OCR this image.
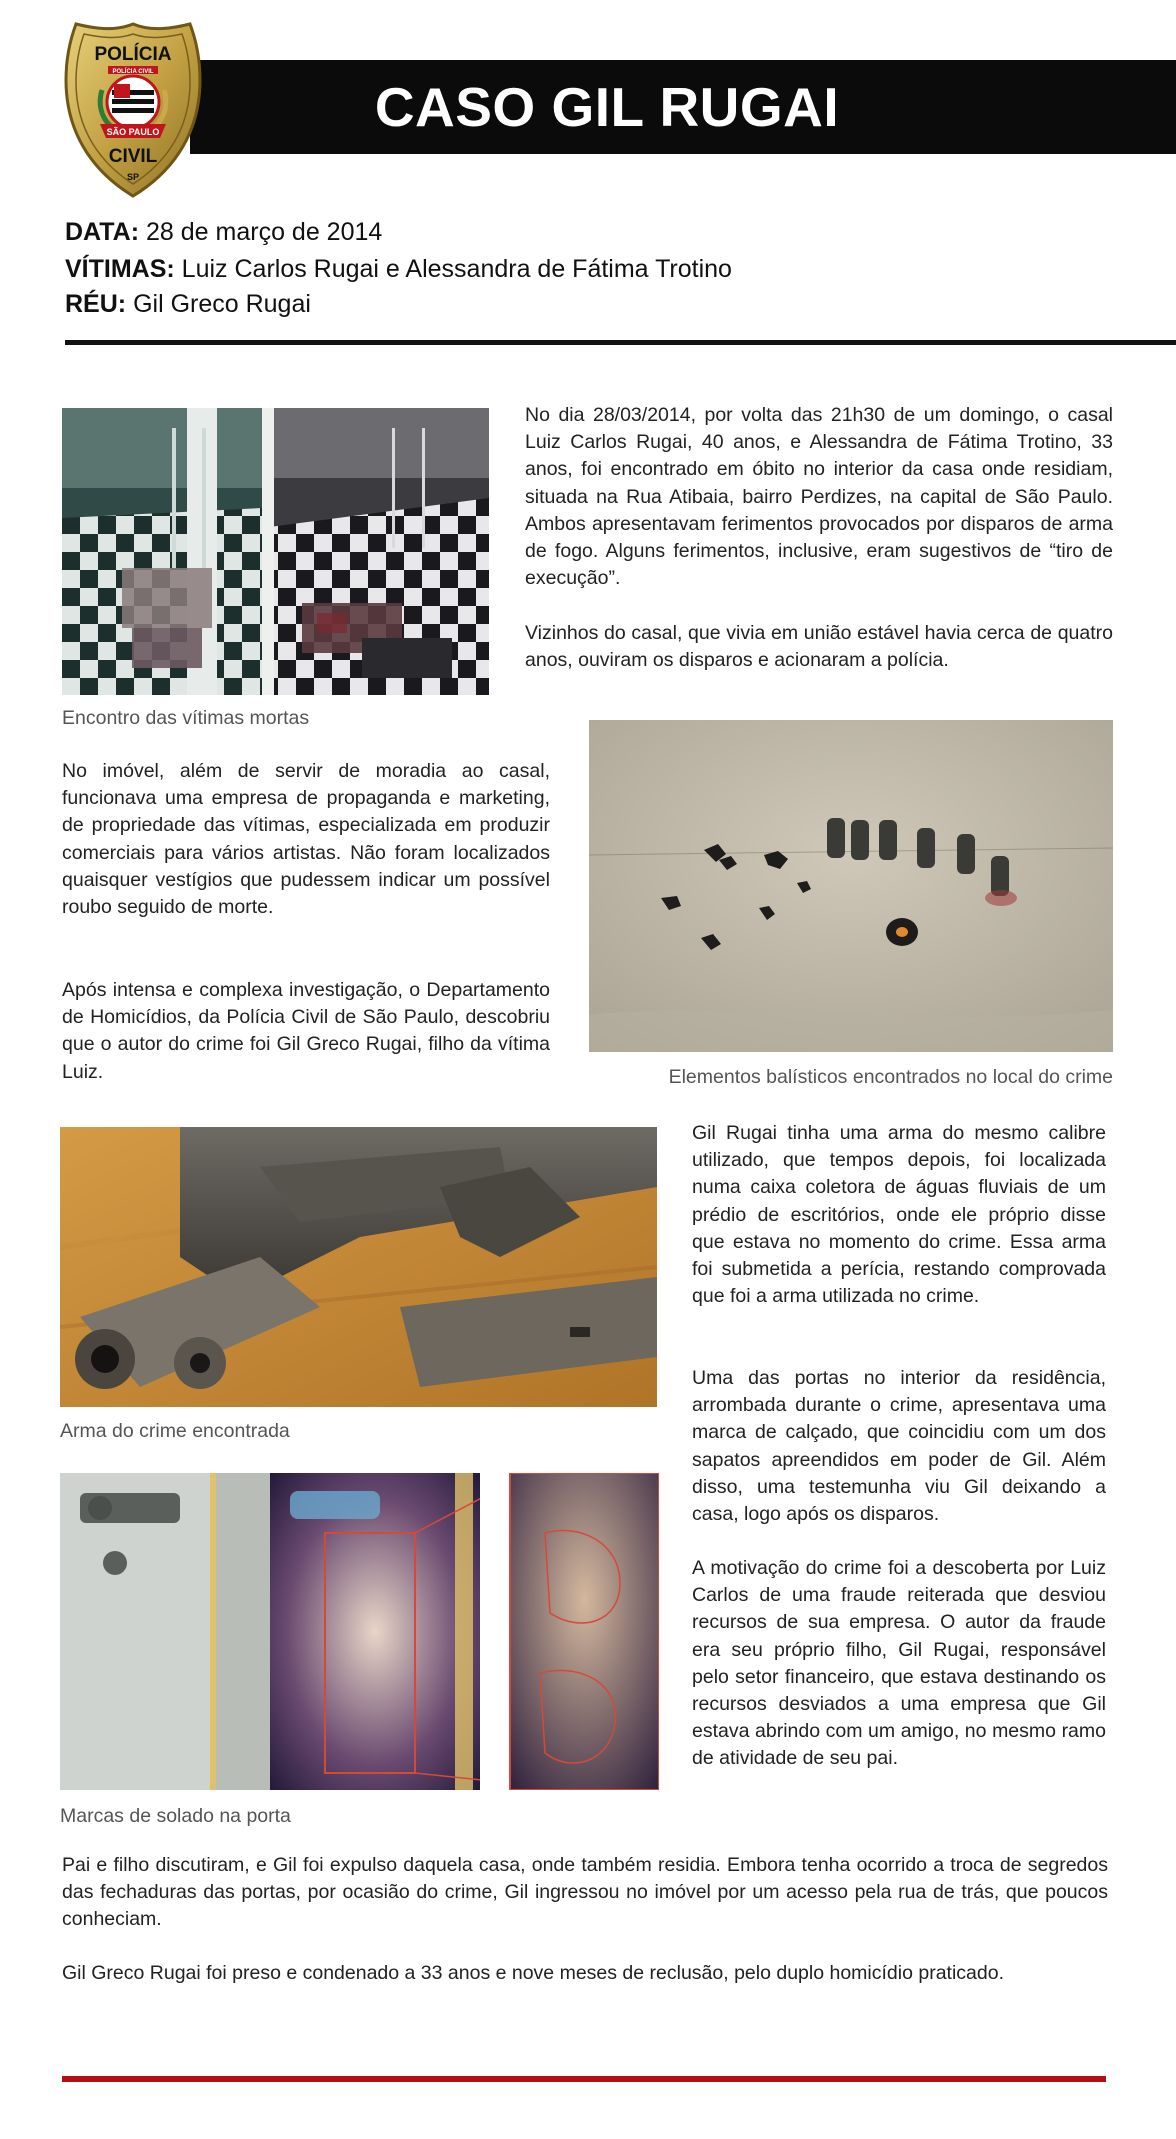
CASO GIL RUGAI
POLÍCIA
POLÍCIA CIVIL
SÃO PAULO
CIVIL
SP
DATA: 28 de março de 2014
VÍTIMAS: Luiz Carlos Rugai e Alessandra de Fátima Trotino
RÉU: Gil Greco Rugai
No dia 28/03/2014, por volta das 21h30 de um domingo, o casal Luiz Carlos Rugai, 40 anos, e Alessandra de Fátima Trotino, 33 anos, foi encontrado em óbito no interior da casa onde residiam, situada na Rua Atibaia, bairro Perdizes, na capital de São Paulo. Ambos apresentavam ferimentos provocados por disparos de arma de fogo. Alguns ferimentos, inclusive, eram sugestivos de “tiro de execução”.
Vizinhos do casal, que vivia em união estável havia cerca de quatro anos, ouviram os disparos e acionaram a polícia.
Encontro das vítimas mortas
No imóvel, além de servir de moradia ao casal, funcionava uma empresa de propaganda e marketing, de propriedade das vítimas, especializada em produzir comerciais para vários artistas. Não foram localizados quaisquer vestígios que pudessem indicar um possível roubo seguido de morte.
Após intensa e complexa investigação, o Departamento de Homicídios, da Polícia Civil de São Paulo, descobriu que o autor do crime foi Gil Greco Rugai, filho da vítima Luiz.	Elementos balísticos encontrados no local do crime
Arma do crime encontrada
Marcas de solado na porta
Gil Rugai tinha uma arma do mesmo calibre utilizado, que tempos depois, foi localizada numa caixa coletora de águas fluviais de um prédio de escritórios, onde ele próprio disse que estava no momento do crime. Essa arma foi submetida a perícia, restando comprovada que foi a arma utilizada no crime.
Uma das portas no interior da residência, arrombada durante o crime, apresentava uma marca de calçado, que coincidiu com um dos sapatos apreendidos em poder de Gil. Além disso, uma testemunha viu Gil deixando a casa, logo após os disparos.
A motivação do crime foi a descoberta por Luiz Carlos de uma fraude reiterada que desviou recursos de sua empresa. O autor da fraude era seu próprio filho, Gil Rugai, responsável pelo setor financeiro, que estava destinando os recursos desviados a uma empresa que Gil estava abrindo com um amigo, no mesmo ramo de atividade de seu pai.
Pai e filho discutiram, e Gil foi expulso daquela casa, onde também residia. Embora tenha ocorrido a troca de segredos das fechaduras das portas, por ocasião do crime, Gil ingressou no imóvel por um acesso pela rua de trás, que poucos conheciam.
Gil Greco Rugai foi preso e condenado a 33 anos e nove meses de reclusão, pelo duplo homicídio praticado.
